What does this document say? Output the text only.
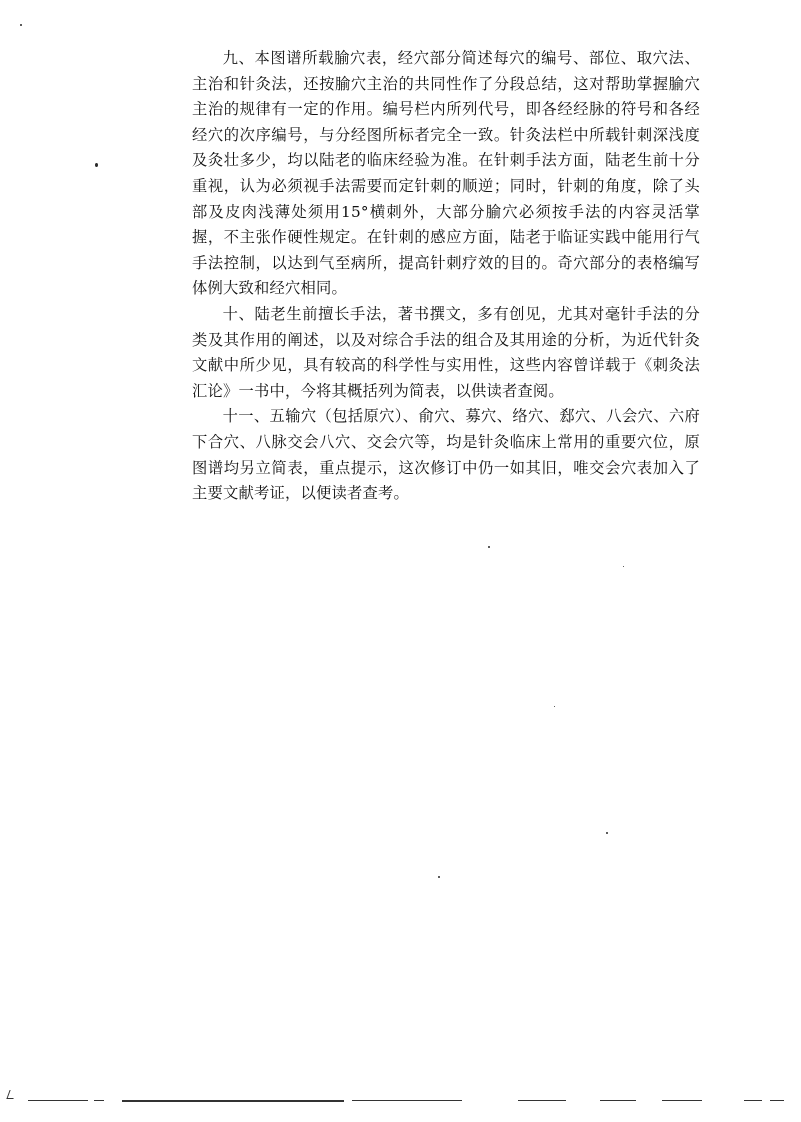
九、本图谱所载腧穴表，经穴部分简述每穴的编号、部位、取穴法、主治和针灸法，还按腧穴主治的共同性作了分段总结，这对帮助掌握腧穴主治的规律有一定的作用。编号栏内所列代号，即各经经脉的符号和各经经穴的次序编号，与分经图所标者完全一致。针灸法栏中所载针刺深浅度及灸壮多少，均以陆老的临床经验为准。在针刺手法方面，陆老生前十分重视，认为必须视手法需要而定针刺的顺逆；同时，针刺的角度，除了头部及皮肉浅薄处须用15°横刺外，大部分腧穴必须按手法的内容灵活掌握，不主张作硬性规定。在针刺的感应方面，陆老于临证实践中能用行气手法控制，以达到气至病所，提高针刺疗效的目的。奇穴部分的表格编写体例大致和经穴相同。

十、陆老生前擅长手法，著书撰文，多有创见，尤其对毫针手法的分类及其作用的阐述，以及对综合手法的组合及其用途的分析，为近代针灸文献中所少见，具有较高的科学性与实用性，这些内容曾详载于《刺灸法汇论》一书中，今将其概括列为简表，以供读者查阅。

十一、五输穴（包括原穴）、俞穴、募穴、络穴、郄穴、八会穴、六府下合穴、八脉交会八穴、交会穴等，均是针灸临床上常用的重要穴位，原图谱均另立简表，重点提示，这次修订中仍一如其旧，唯交会穴表加入了主要文献考证，以便读者查考。
